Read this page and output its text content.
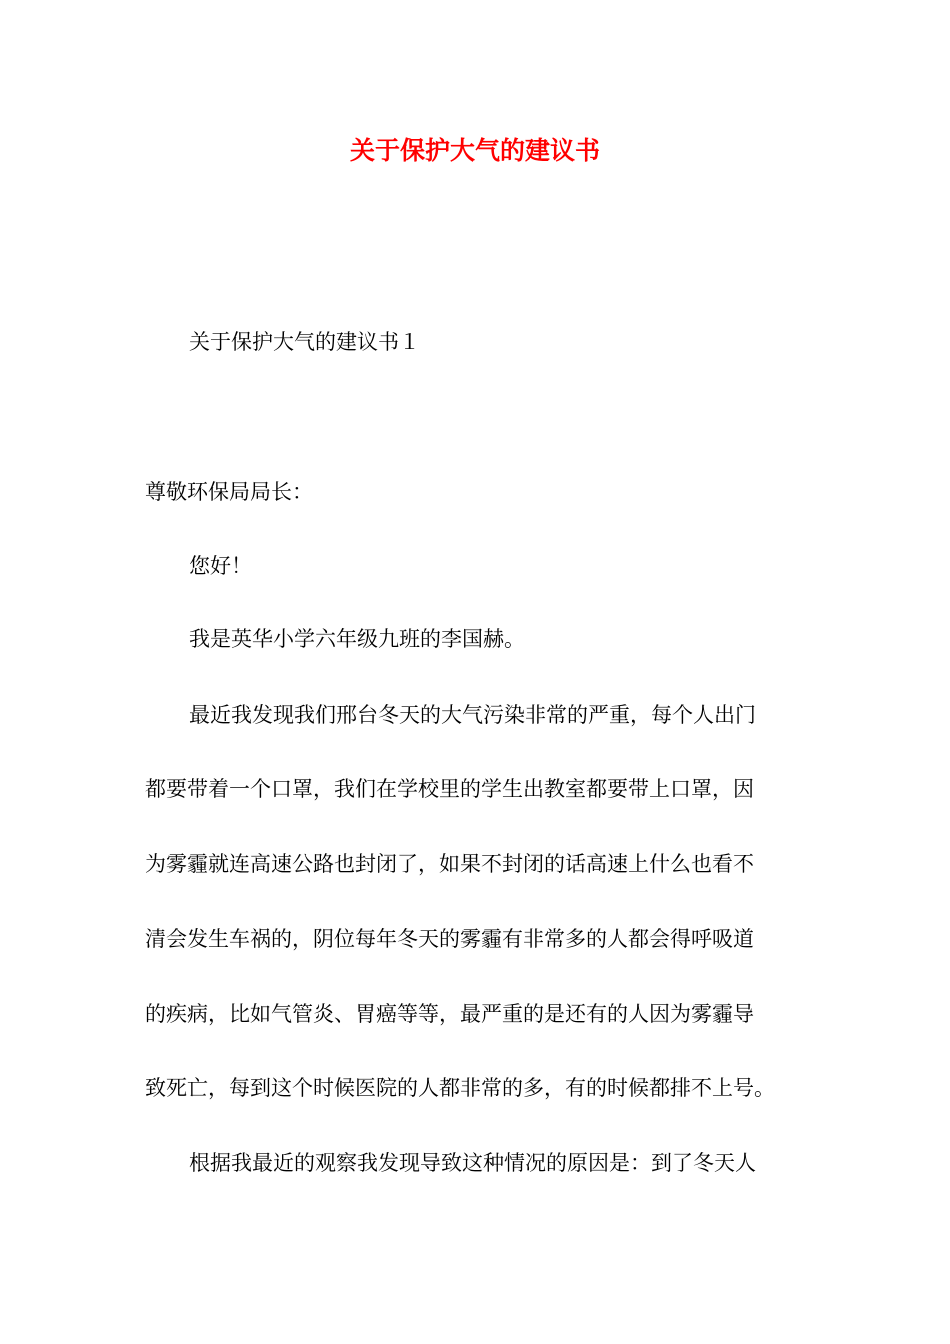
关于保护大气的建议书
关于保护大气的建议书１
尊敬环保局局长：
您好！
我是英华小学六年级九班的李国赫。
最近我发现我们邢台冬天的大气污染非常的严重，每个人出门
都要带着一个口罩，我们在学校里的学生出教室都要带上口罩，因
为雾霾就连高速公路也封闭了，如果不封闭的话高速上什么也看不
清会发生车祸的，阴位每年冬天的雾霾有非常多的人都会得呼吸道
的疾病，比如气管炎、胃癌等等，最严重的是还有的人因为雾霾导
致死亡，每到这个时候医院的人都非常的多，有的时候都排不上号。
根据我最近的观察我发现导致这种情况的原因是：到了冬天人
